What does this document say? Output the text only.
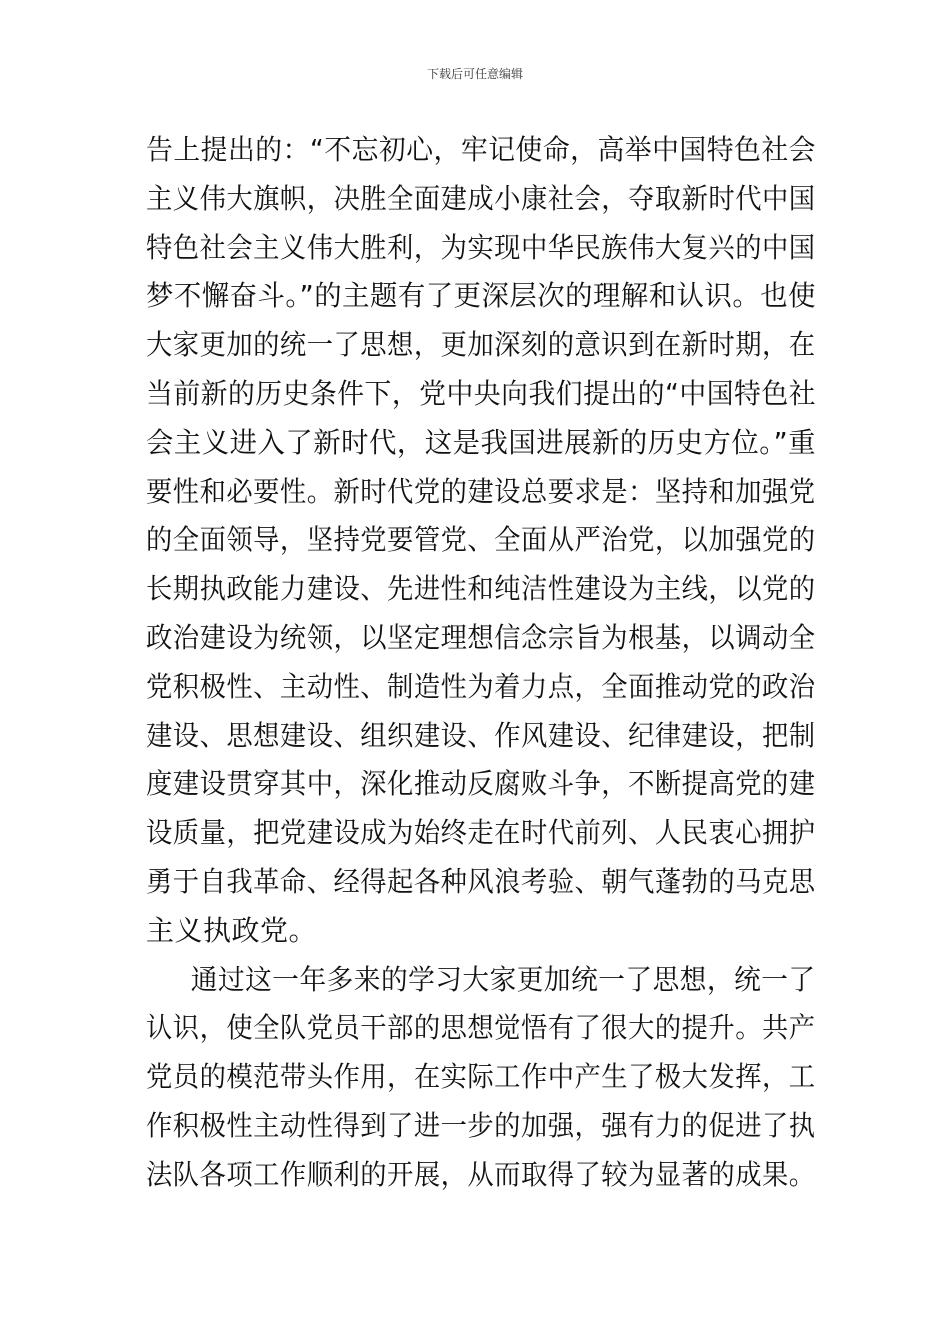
下载后可任意编辑
告上提出的：“不忘初心，牢记使命，高举中国特色社会
主义伟大旗帜，决胜全面建成小康社会，夺取新时代中国
特色社会主义伟大胜利，为实现中华民族伟大复兴的中国
梦不懈奋斗。”的主题有了更深层次的理解和认识。也使
大家更加的统一了思想，更加深刻的意识到在新时期，在
当前新的历史条件下，党中央向我们提出的“中国特色社
会主义进入了新时代，这是我国进展新的历史方位。”重
要性和必要性。新时代党的建设总要求是：坚持和加强党
的全面领导，坚持党要管党、全面从严治党，以加强党的
长期执政能力建设、先进性和纯洁性建设为主线，以党的
政治建设为统领，以坚定理想信念宗旨为根基，以调动全
党积极性、主动性、制造性为着力点，全面推动党的政治
建设、思想建设、组织建设、作风建设、纪律建设，把制
度建设贯穿其中，深化推动反腐败斗争，不断提高党的建
设质量，把党建设成为始终走在时代前列、人民衷心拥护
勇于自我革命、经得起各种风浪考验、朝气蓬勃的马克思
主义执政党。
通过这一年多来的学习大家更加统一了思想，统一了
认识，使全队党员干部的思想觉悟有了很大的提升。共产
党员的模范带头作用，在实际工作中产生了极大发挥，工
作积极性主动性得到了进一步的加强，强有力的促进了执
法队各项工作顺利的开展，从而取得了较为显著的成果。
